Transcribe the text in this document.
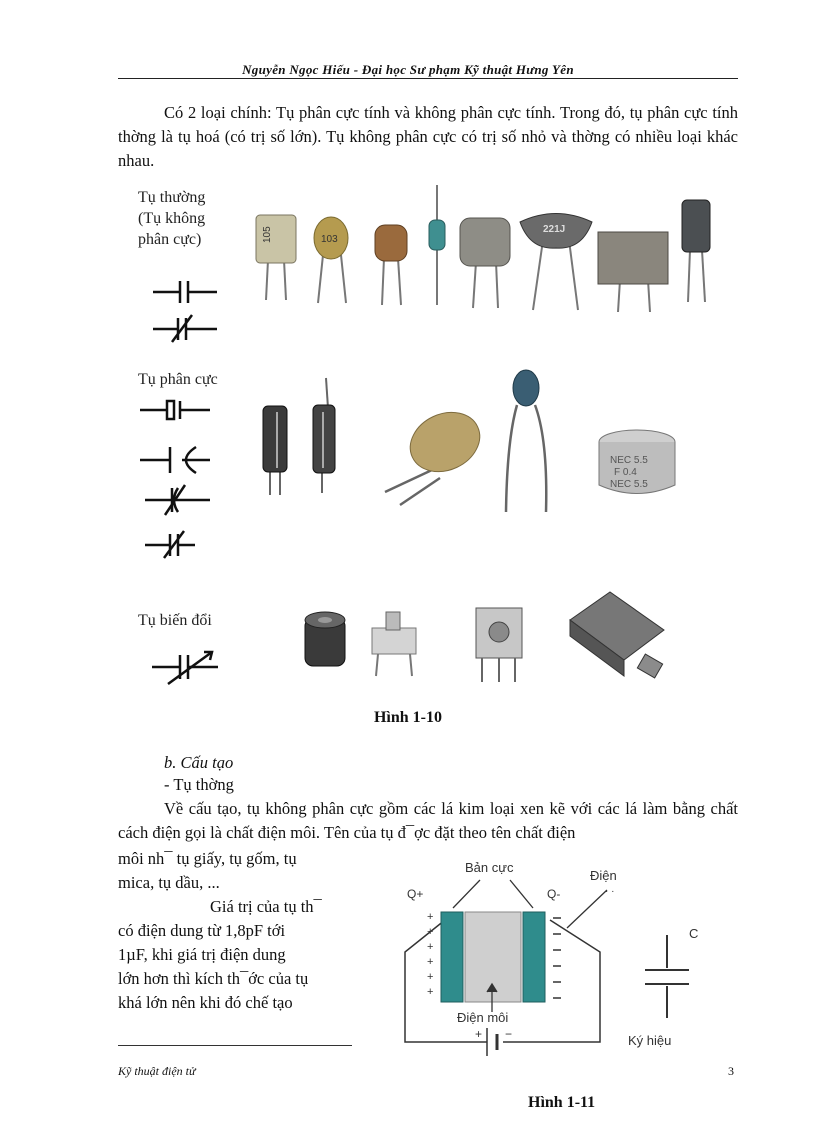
Nguyễn Ngọc Hiếu - Đại học Sư phạm Kỹ thuật Hưng Yên
Có 2 loại chính: Tụ phân cực tính và không phân cực tính. Trong đó, tụ phân cực tính thờng là tụ hoá (có trị số lớn). Tụ không phân cực có trị số nhỏ và thờng có nhiều loại khác nhau.
Tụ thường
(Tụ không
phân cực)
Tụ phân cực
Tụ biến đổi
105	103
221J
NEC 5.5
F 0.4
NEC 5.5
Hình 1-10
b. Cấu tạo
- Tụ thờng
Về cấu tạo, tụ không phân cực gồm các lá kim loại xen kẽ với các lá làm bằng chất cách điện gọi là chất điện môi. Tên của tụ đ¯ợc đặt theo tên chất điện
môi nh¯ tụ giấy, tụ gốm, tụ
mica, tụ dầu, ...
Giá trị của tụ th¯
có điện dung từ 1,8pF tới
1µF, khi giá trị điện dung
lớn hơn thì kích th¯ớc của tụ
khá lớn nên khi đó chế tạo
+
+
+
+
+
+
Bản cực
Điện
· ·
Q+	Q-
Điện môi
C
Ký hiệu
+ −
Hình 1-11
Kỹ thuật điện tử	3
